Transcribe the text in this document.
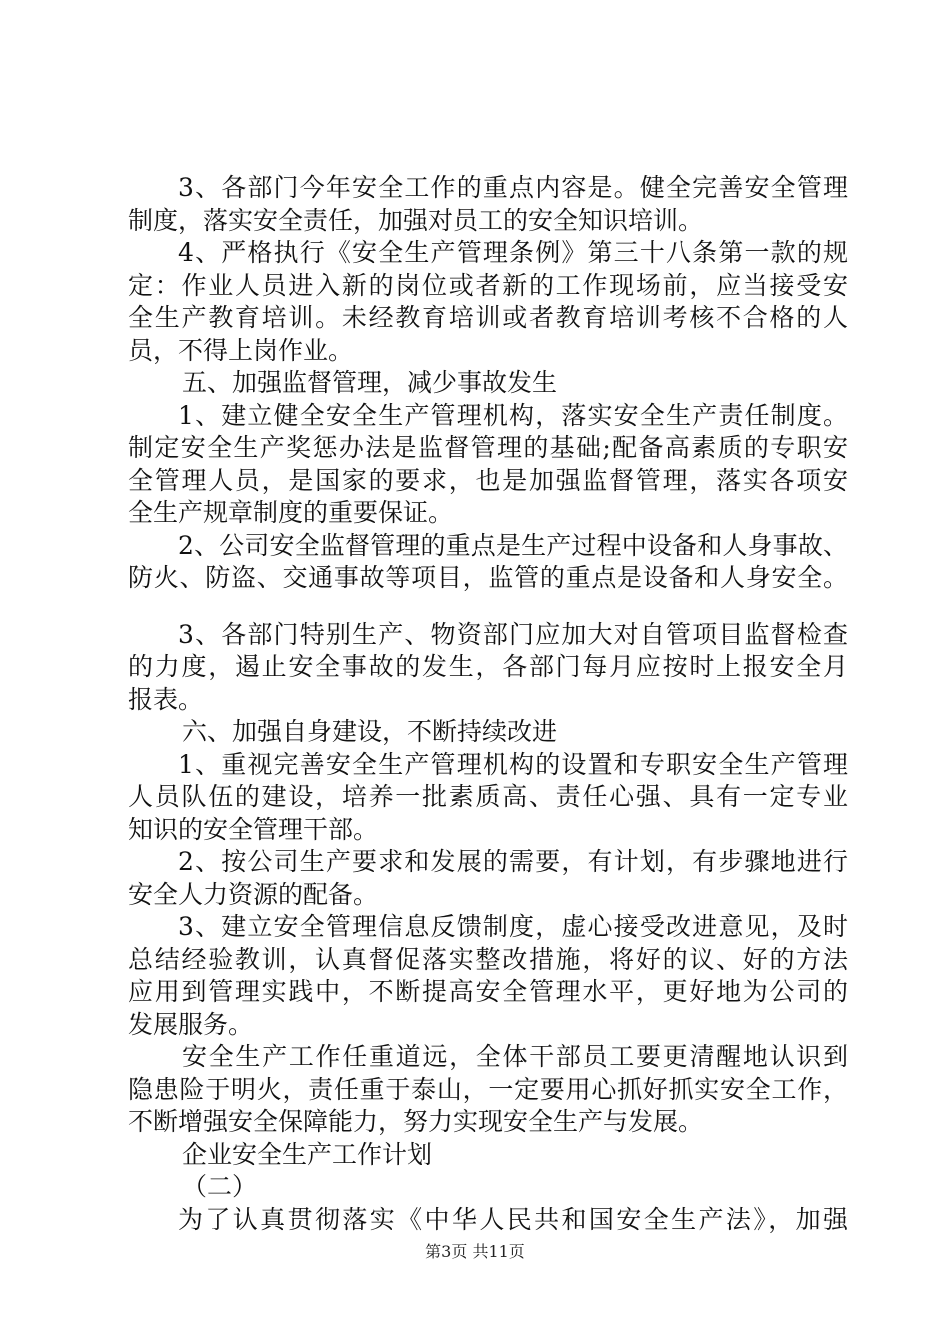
3、各部门今年安全工作的重点内容是。健全完善安全管理
制度，落实安全责任，加强对员工的安全知识培训。
4、严格执行《安全生产管理条例》第三十八条第一款的规
定：作业人员进入新的岗位或者新的工作现场前，应当接受安
全生产教育培训。未经教育培训或者教育培训考核不合格的人
员，不得上岗作业。
五、加强监督管理，减少事故发生
1、建立健全安全生产管理机构，落实安全生产责任制度。
制定安全生产奖惩办法是监督管理的基础;配备高素质的专职安
全管理人员，是国家的要求，也是加强监督管理，落实各项安
全生产规章制度的重要保证。
2、公司安全监督管理的重点是生产过程中设备和人身事故、
防火、防盗、交通事故等项目，监管的重点是设备和人身安全。
3、各部门特别生产、物资部门应加大对自管项目监督检查
的力度，遏止安全事故的发生，各部门每月应按时上报安全月
报表。
六、加强自身建设，不断持续改进
1、重视完善安全生产管理机构的设置和专职安全生产管理
人员队伍的建设，培养一批素质高、责任心强、具有一定专业
知识的安全管理干部。
2、按公司生产要求和发展的需要，有计划，有步骤地进行
安全人力资源的配备。
3、建立安全管理信息反馈制度，虚心接受改进意见，及时
总结经验教训，认真督促落实整改措施，将好的议、好的方法
应用到管理实践中，不断提高安全管理水平，更好地为公司的
发展服务。
安全生产工作任重道远，全体干部员工要更清醒地认识到
隐患险于明火，责任重于泰山，一定要用心抓好抓实安全工作，
不断增强安全保障能力，努力实现安全生产与发展。
企业安全生产工作计划
（二）
为了认真贯彻落实《中华人民共和国安全生产法》，加强
第3页 共11页
